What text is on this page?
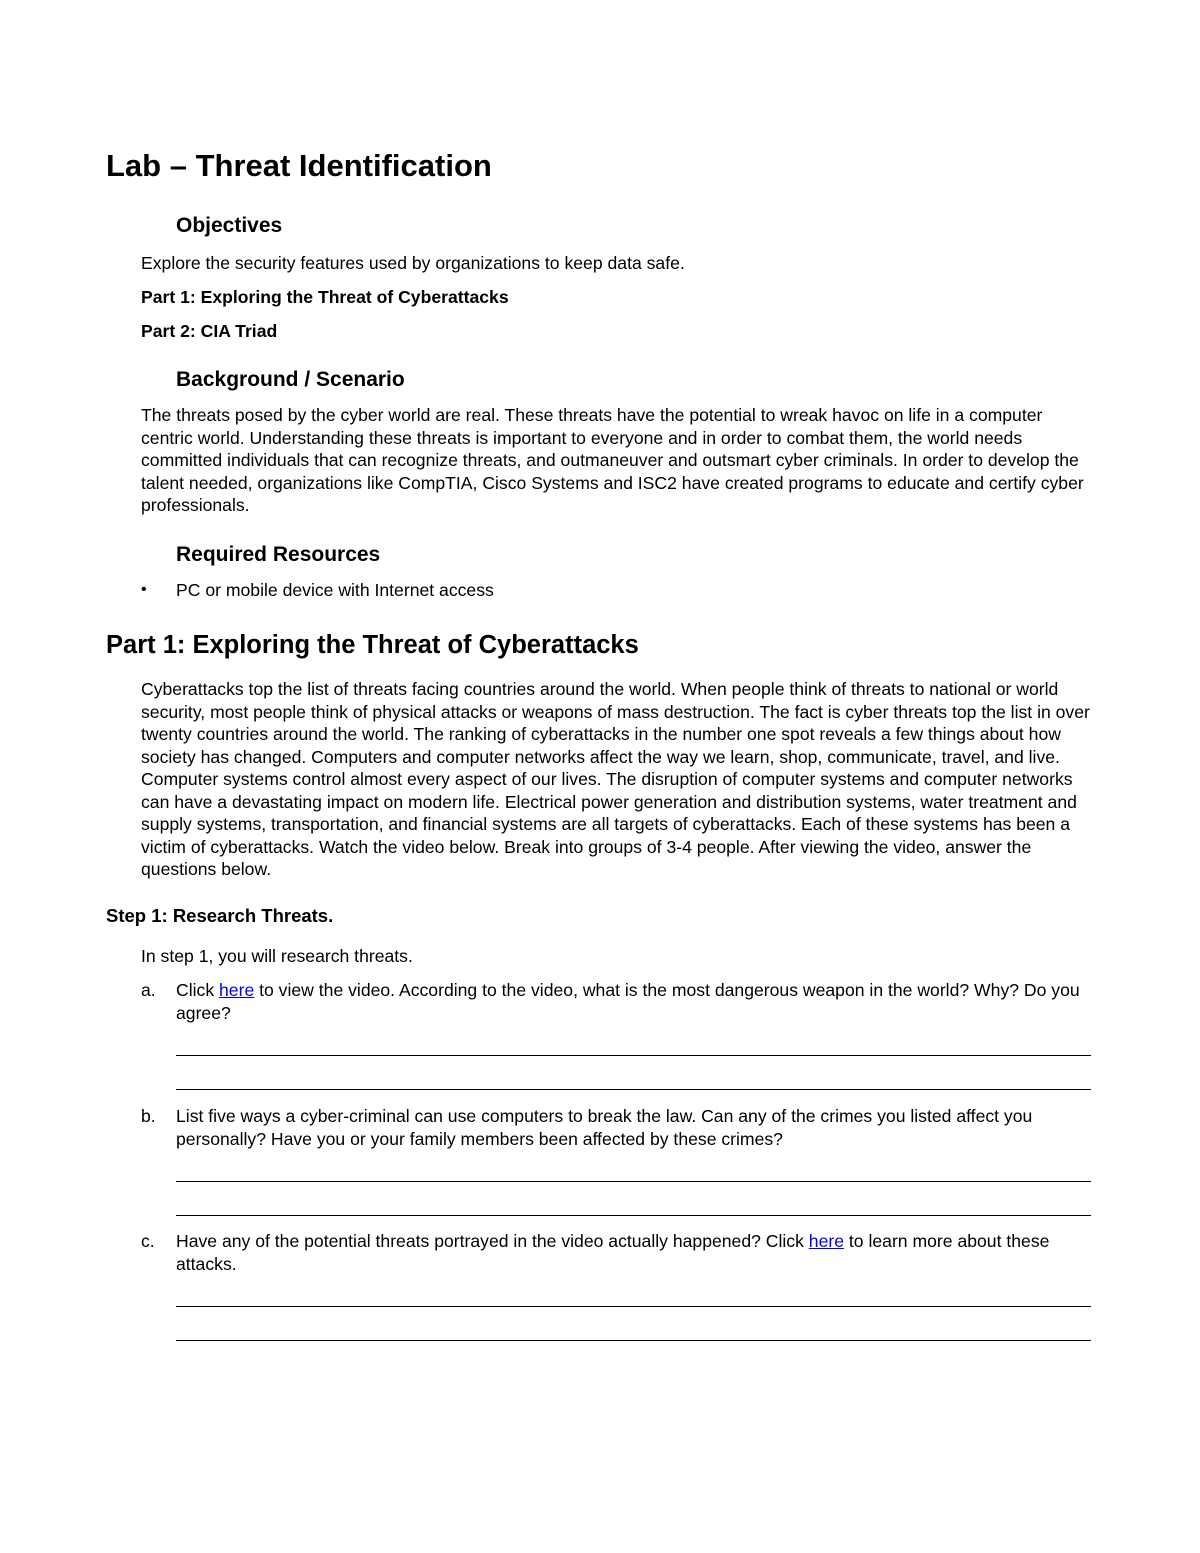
Lab – Threat Identification
Objectives
Explore the security features used by organizations to keep data safe.
Part 1: Exploring the Threat of Cyberattacks
Part 2: CIA Triad
Background / Scenario
The threats posed by the cyber world are real. These threats have the potential to wreak havoc on life in a computer centric world. Understanding these threats is important to everyone and in order to combat them, the world needs committed individuals that can recognize threats, and outmaneuver and outsmart cyber criminals. In order to develop the talent needed, organizations like CompTIA, Cisco Systems and ISC2 have created programs to educate and certify cyber professionals.
Required Resources
• PC or mobile device with Internet access
Part 1: Exploring the Threat of Cyberattacks
Cyberattacks top the list of threats facing countries around the world. When people think of threats to national or world security, most people think of physical attacks or weapons of mass destruction. The fact is cyber threats top the list in over twenty countries around the world. The ranking of cyberattacks in the number one spot reveals a few things about how society has changed. Computers and computer networks affect the way we learn, shop, communicate, travel, and live. Computer systems control almost every aspect of our lives. The disruption of computer systems and computer networks can have a devastating impact on modern life. Electrical power generation and distribution systems, water treatment and supply systems, transportation, and financial systems are all targets of cyberattacks. Each of these systems has been a victim of cyberattacks. Watch the video below. Break into groups of 3-4 people. After viewing the video, answer the questions below.
Step 1: Research Threats.
In step 1, you will research threats.
a. Click here to view the video. According to the video, what is the most dangerous weapon in the world? Why? Do you agree?
b. List five ways a cyber-criminal can use computers to break the law. Can any of the crimes you listed affect you personally? Have you or your family members been affected by these crimes?
c. Have any of the potential threats portrayed in the video actually happened? Click here to learn more about these attacks.
